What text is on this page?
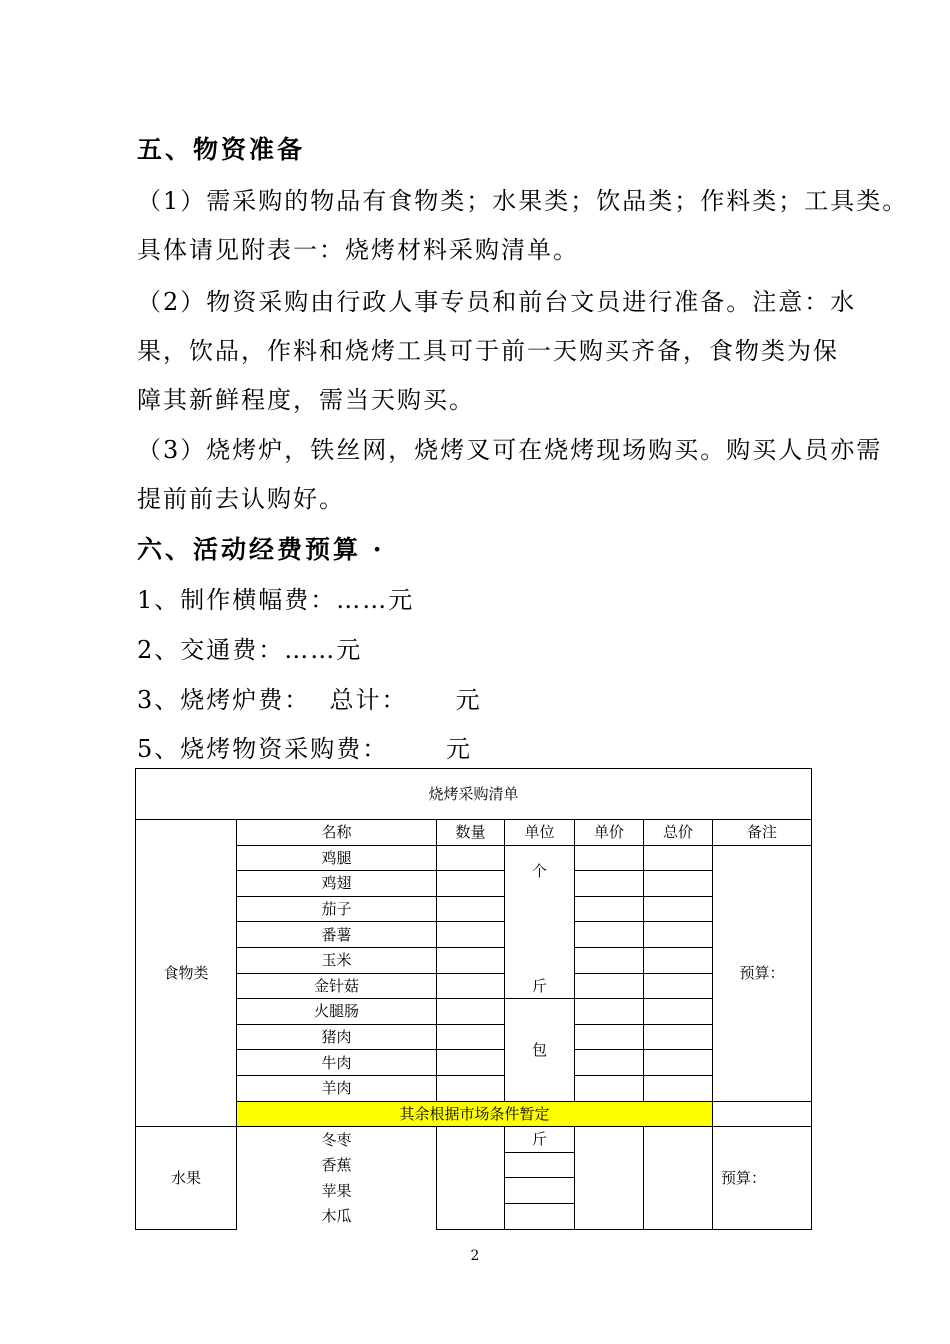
五、物资准备
（1）需采购的物品有食物类；水果类；饮品类；作料类；工具类。
具体请见附表一：烧烤材料采购清单。
（2）物资采购由行政人事专员和前台文员进行准备。注意：水
果，饮品，作料和烧烤工具可于前一天购买齐备，食物类为保
障其新鲜程度，需当天购买。
（3）烧烤炉，铁丝网，烧烤叉可在烧烤现场购买。购买人员亦需
提前前去认购好。
六、活动经费预算 ·
1、制作横幅费：……元
2、交通费：……元
3、烧烤炉费：  总计：     元
5、烧烤物资采购费：      元
烧烤采购清单						
食物类	名称	数量	单位	单价	总价	备注
	鸡腿		个			预算：
	鸡翅					
	茄子		斤			
	番薯					
	玉米					
	金针菇					
	火腿肠		包			
	猪肉					
	牛肉					
	羊肉					
	其余根据市场条件暂定					
水果	冬枣		斤			预算：
	香蕉					
	苹果					
	木瓜					
2
